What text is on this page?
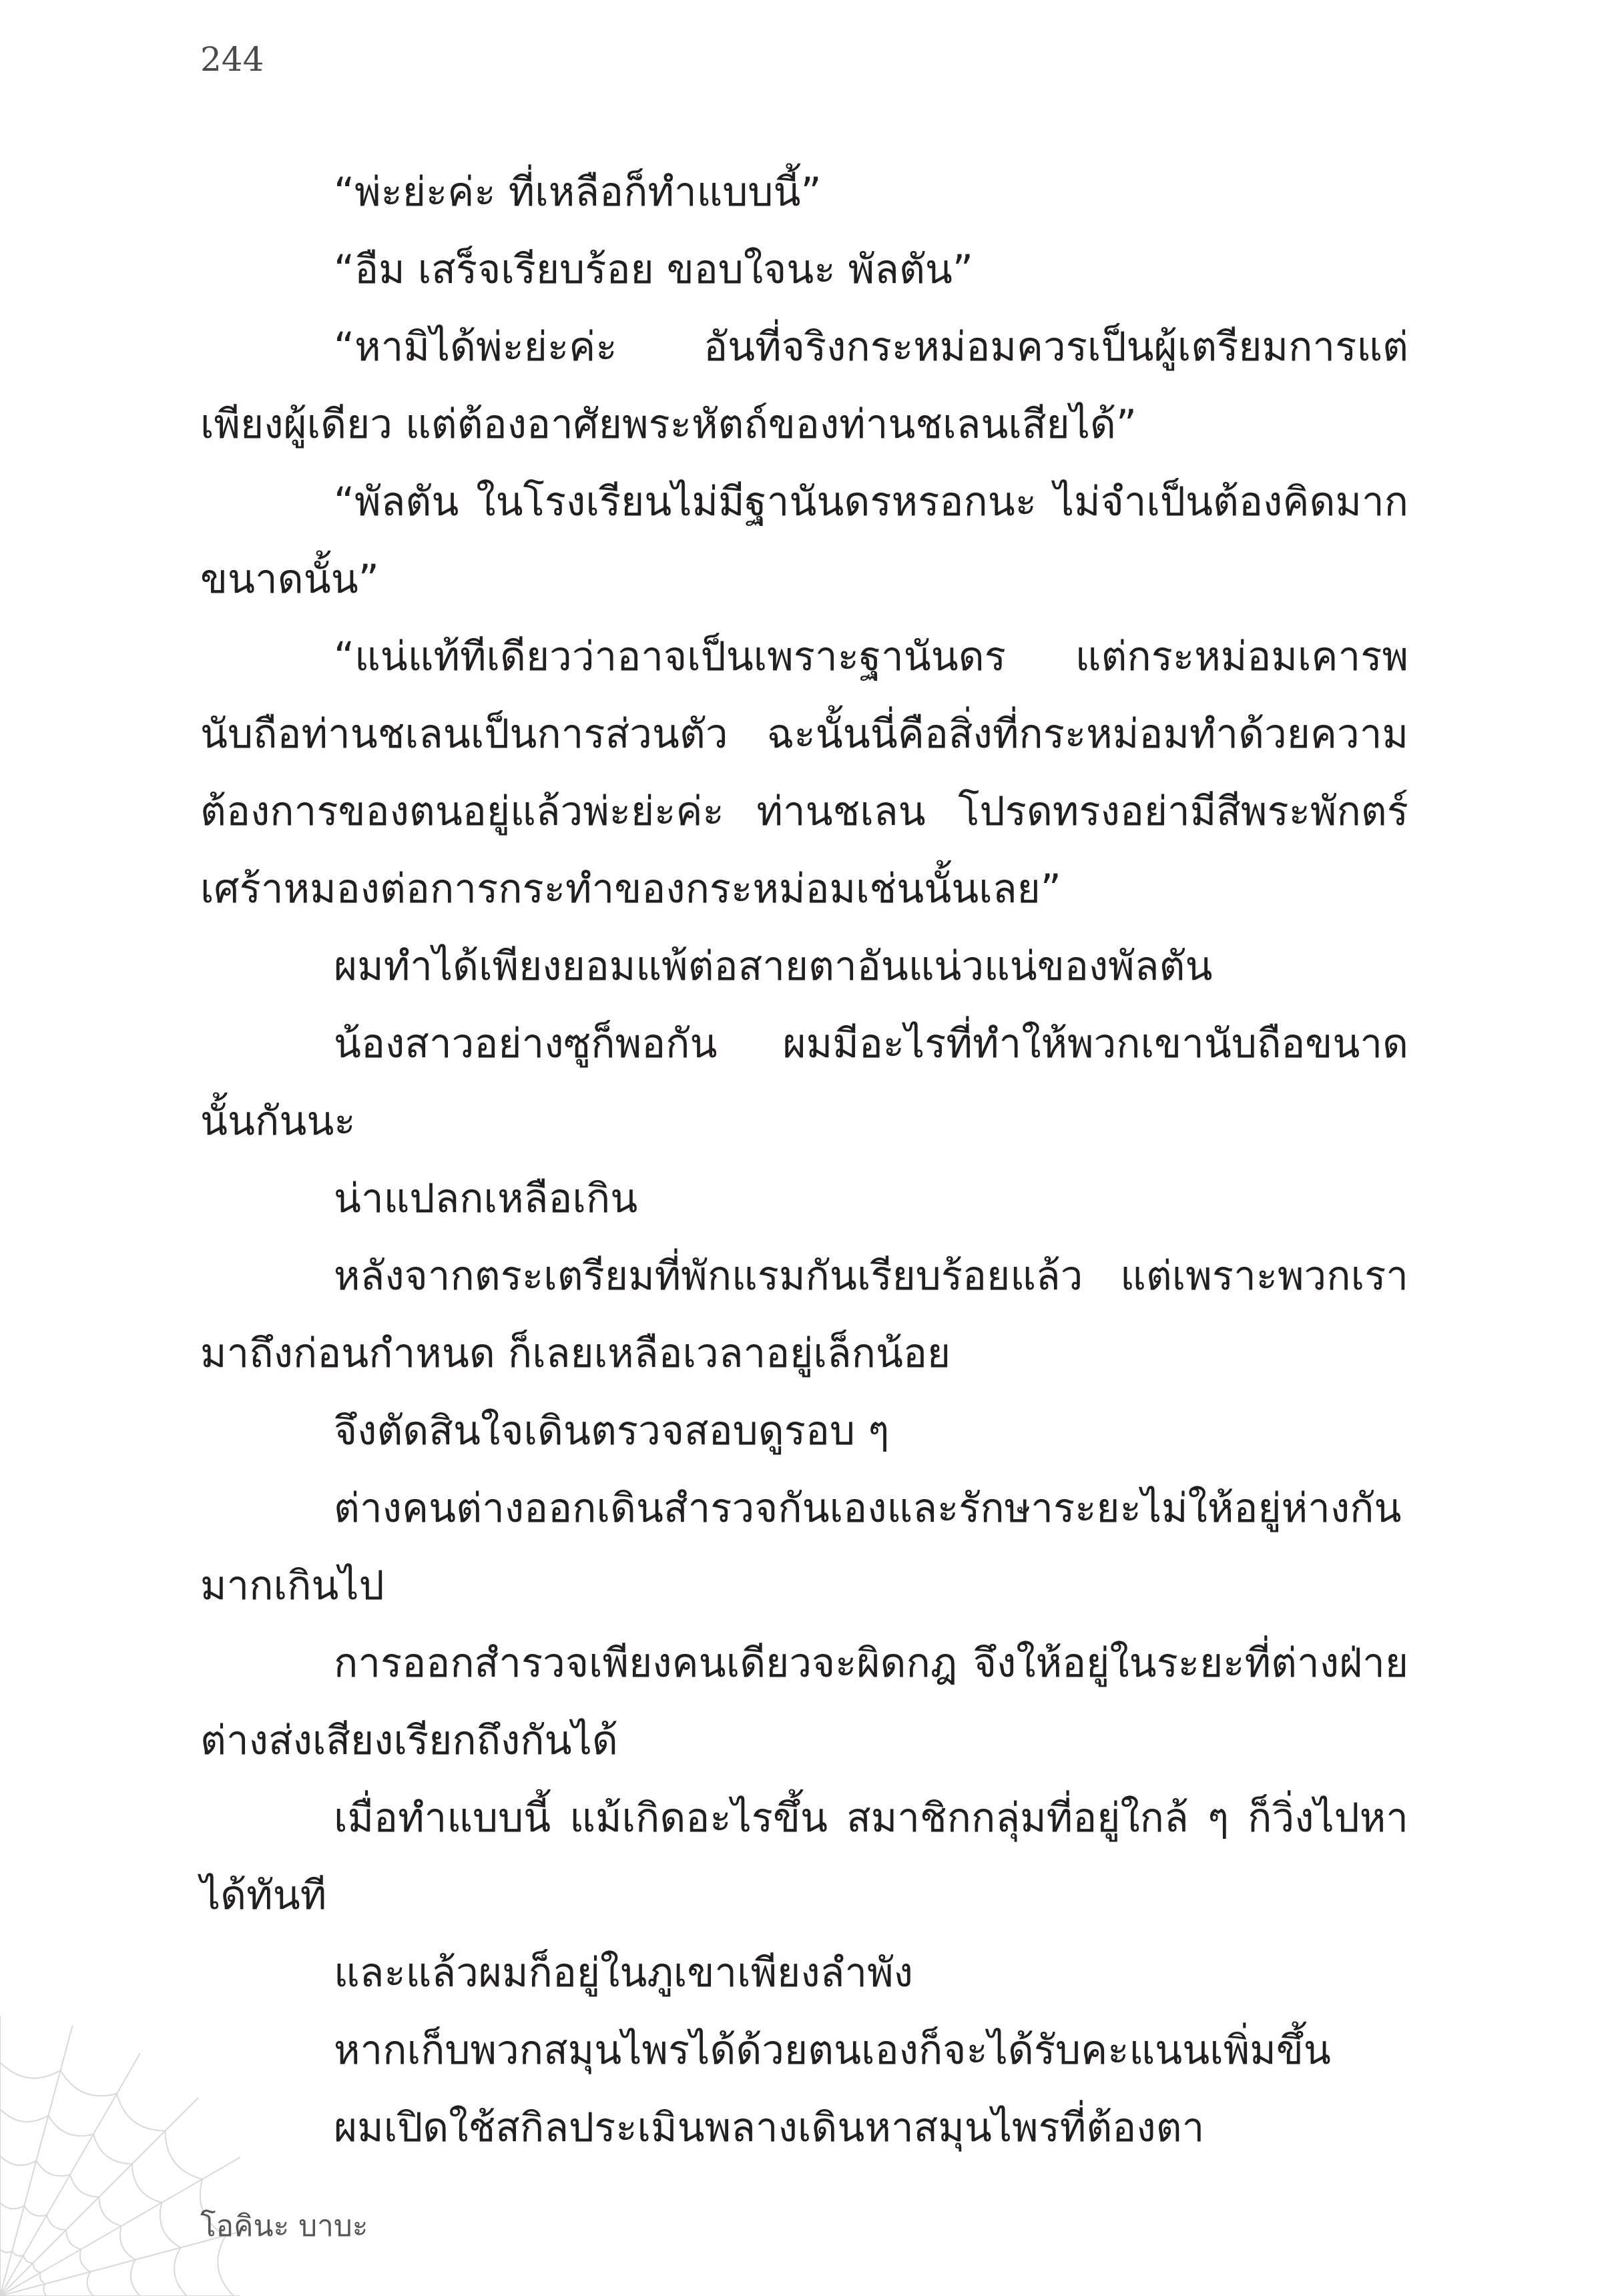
244

“พ่ะย่ะค่ะ ที่เหลือก็ทำแบบนี้”

“อืม เสร็จเรียบร้อย ขอบใจนะ พัลตัน”

“หามิได้พ่ะย่ะค่ะ อันที่จริงกระหม่อมควรเป็นผู้เตรียมการแต่เพียงผู้เดียว แต่ต้องอาศัยพระหัตถ์ของท่านชเลนเสียได้”

“พัลตัน ในโรงเรียนไม่มีฐานันดรหรอกนะ ไม่จำเป็นต้องคิดมากขนาดนั้น”

“แน่แท้ทีเดียวว่าอาจเป็นเพราะฐานันดร แต่กระหม่อมเคารพนับถือท่านชเลนเป็นการส่วนตัว ฉะนั้นนี่คือสิ่งที่กระหม่อมทำด้วยความต้องการของตนอยู่แล้วพ่ะย่ะค่ะ ท่านชเลน โปรดทรงอย่ามีสีพระพักตร์เศร้าหมองต่อการกระทำของกระหม่อมเช่นนั้นเลย”

ผมทำได้เพียงยอมแพ้ต่อสายตาอันแน่วแน่ของพัลตัน

น้องสาวอย่างซูก็พอกัน ผมมีอะไรที่ทำให้พวกเขานับถือขนาดนั้นกันนะ

น่าแปลกเหลือเกิน

หลังจากตระเตรียมที่พักแรมกันเรียบร้อยแล้ว แต่เพราะพวกเรามาถึงก่อนกำหนด ก็เลยเหลือเวลาอยู่เล็กน้อย

จึงตัดสินใจเดินตรวจสอบดูรอบ ๆ

ต่างคนต่างออกเดินสำรวจกันเองและรักษาระยะไม่ให้อยู่ห่างกันมากเกินไป

การออกสำรวจเพียงคนเดียวจะผิดกฎ จึงให้อยู่ในระยะที่ต่างฝ่ายต่างส่งเสียงเรียกถึงกันได้

เมื่อทำแบบนี้ แม้เกิดอะไรขึ้น สมาชิกกลุ่มที่อยู่ใกล้ ๆ ก็วิ่งไปหาได้ทันที

และแล้วผมก็อยู่ในภูเขาเพียงลำพัง

หากเก็บพวกสมุนไพรได้ด้วยตนเองก็จะได้รับคะแนนเพิ่มขึ้น

ผมเปิดใช้สกิลประเมินพลางเดินหาสมุนไพรที่ต้องตา

โอคินะ บาบะ
